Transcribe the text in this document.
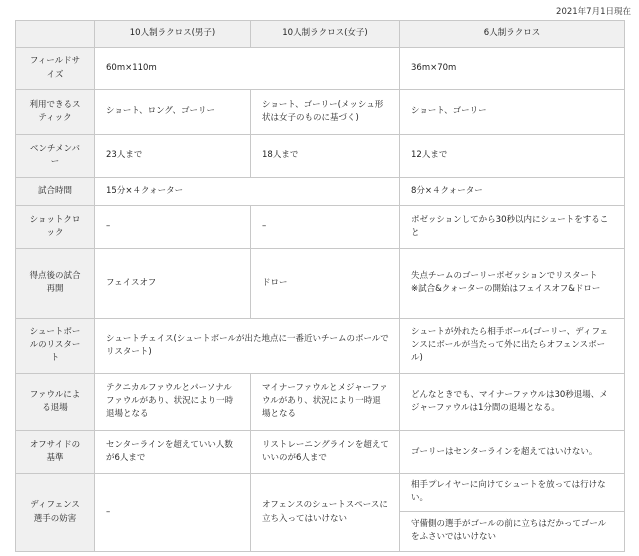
2021年7月1日現在
	10人制ラクロス(男子)	10人制ラクロス(女子)	6人制ラクロス
フィールドサイズ	60m×110m		36m×70m
利用できるスティック	ショート、ロング、ゴーリー	ショート、ゴーリー(メッシュ形状は女子のものに基づく)	ショート、ゴーリー
ベンチメンバー	23人まで	18人まで	12人まで
試合時間	15分×４クォーター		8分×４クォーター
ショットクロック	–	–	ポゼッションしてから30秒以内にシュートをすること
得点後の試合再開	フェイスオフ	ドロー	失点チームのゴーリーポゼッションでリスタート
※試合&クォーターの開始はフェイスオフ&ドロー
シュートボールのリスタート	シュートチェイス(シュートボールが出た地点に一番近いチームのボールでリスタート)		シュートが外れたら相手ボール(ゴーリー、ディフェンスにボールが当たって外に出たらオフェンスボール)
ファウルによる退場	テクニカルファウルとパーソナルファウルがあり、状況により一時退場となる	マイナーファウルとメジャーファウルがあり、状況により一時退場となる	どんなときでも、マイナーファウルは30秒退場、メジャーファウルは1分間の退場となる。
オフサイドの基準	センターラインを超えていい人数が6人まで	リストレーニングラインを超えていいのが6人まで	ゴーリーはセンターラインを超えてはいけない。
ディフェンス選手の妨害	–	オフェンスのシュートスペースに立ち入ってはいけない	相手プレイヤーに向けてシュートを放っては行けない。
			守備側の選手がゴールの前に立ちはだかってゴールをふさいではいけない
